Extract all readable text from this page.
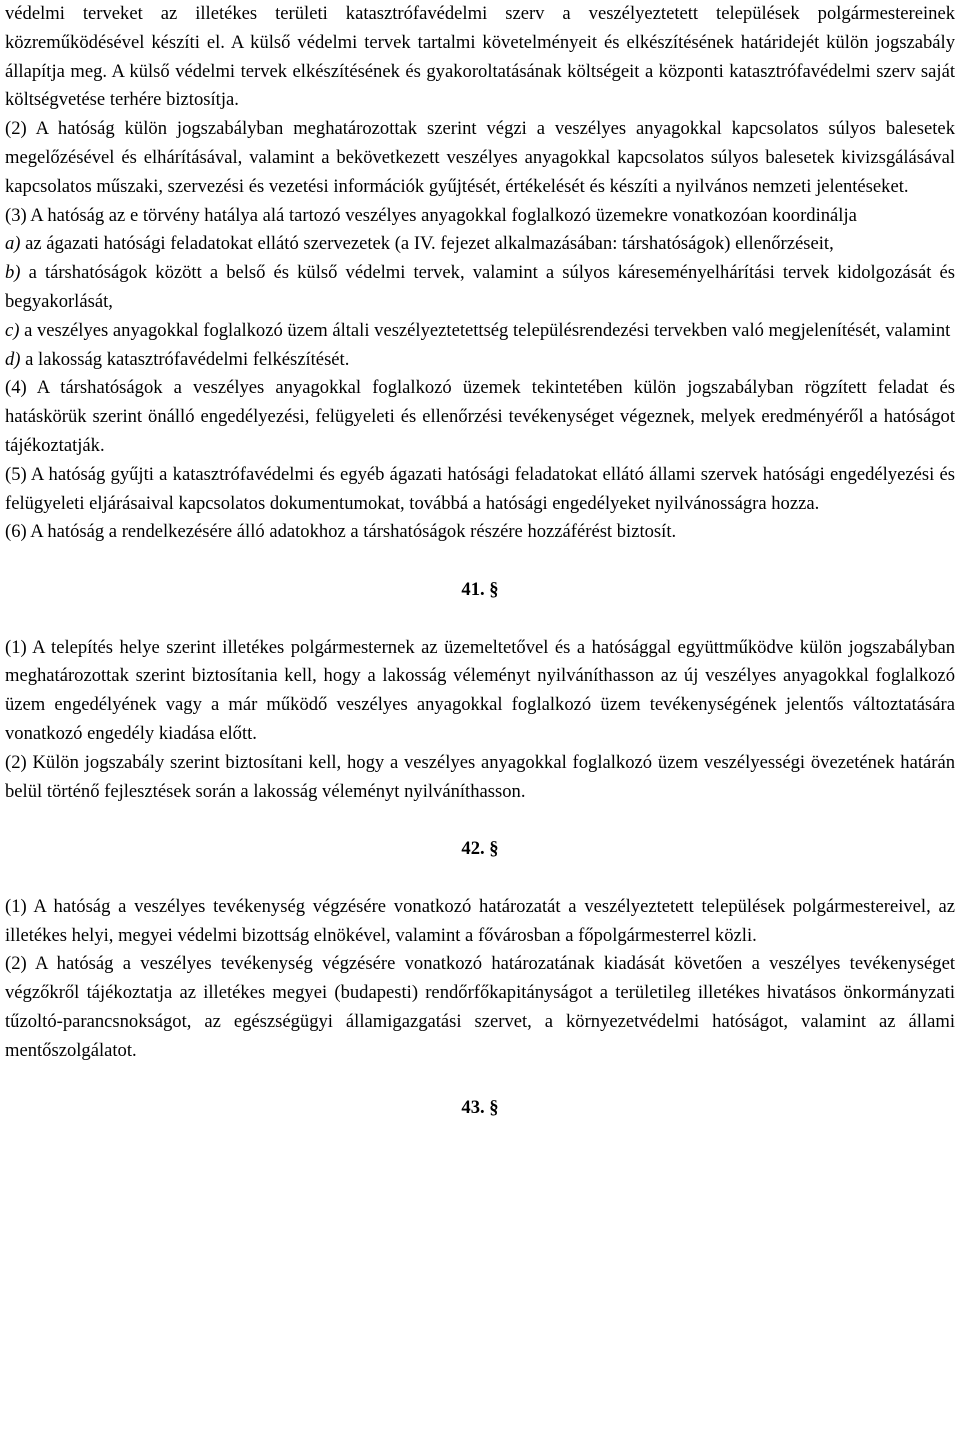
védelmi terveket az illetékes területi katasztrófavédelmi szerv a veszélyeztetett települések polgármestereinek közreműködésével készíti el. A külső védelmi tervek tartalmi követelményeit és elkészítésének határidejét külön jogszabály állapítja meg. A külső védelmi tervek elkészítésének és gyakoroltatásának költségeit a központi katasztrófavédelmi szerv saját költségvetése terhére biztosítja.

(2) A hatóság külön jogszabályban meghatározottak szerint végzi a veszélyes anyagokkal kapcsolatos súlyos balesetek megelőzésével és elhárításával, valamint a bekövetkezett veszélyes anyagokkal kapcsolatos súlyos balesetek kivizsgálásával kapcsolatos műszaki, szervezési és vezetési információk gyűjtését, értékelését és készíti a nyilvános nemzeti jelentéseket.

(3) A hatóság az e törvény hatálya alá tartozó veszélyes anyagokkal foglalkozó üzemekre vonatkozóan koordinálja

a) az ágazati hatósági feladatokat ellátó szervezetek (a IV. fejezet alkalmazásában: társhatóságok) ellenőrzéseit,

b) a társhatóságok között a belső és külső védelmi tervek, valamint a súlyos káreseményelhárítási tervek kidolgozását és begyakorlását,

c) a veszélyes anyagokkal foglalkozó üzem általi veszélyeztetettség településrendezési tervekben való megjelenítését, valamint

d) a lakosság katasztrófavédelmi felkészítését.

(4) A társhatóságok a veszélyes anyagokkal foglalkozó üzemek tekintetében külön jogszabályban rögzített feladat és hatáskörük szerint önálló engedélyezési, felügyeleti és ellenőrzési tevékenységet végeznek, melyek eredményéről a hatóságot tájékoztatják.

(5) A hatóság gyűjti a katasztrófavédelmi és egyéb ágazati hatósági feladatokat ellátó állami szervek hatósági engedélyezési és felügyeleti eljárásaival kapcsolatos dokumentumokat, továbbá a hatósági engedélyeket nyilvánosságra hozza.

(6) A hatóság a rendelkezésére álló adatokhoz a társhatóságok részére hozzáférést biztosít.

41. §

(1) A telepítés helye szerint illetékes polgármesternek az üzemeltetővel és a hatósággal együttműködve külön jogszabályban meghatározottak szerint biztosítania kell, hogy a lakosság véleményt nyilváníthasson az új veszélyes anyagokkal foglalkozó üzem engedélyének vagy a már működő veszélyes anyagokkal foglalkozó üzem tevékenységének jelentős változtatására vonatkozó engedély kiadása előtt.

(2) Külön jogszabály szerint biztosítani kell, hogy a veszélyes anyagokkal foglalkozó üzem veszélyességi övezetének határán belül történő fejlesztések során a lakosság véleményt nyilváníthasson.

42. §

(1) A hatóság a veszélyes tevékenység végzésére vonatkozó határozatát a veszélyeztetett települések polgármestereivel, az illetékes helyi, megyei védelmi bizottság elnökével, valamint a fővárosban a főpolgármesterrel közli.

(2) A hatóság a veszélyes tevékenység végzésére vonatkozó határozatának kiadását követően a veszélyes tevékenységet végzőkről tájékoztatja az illetékes megyei (budapesti) rendőrfőkapitányságot a területileg illetékes hivatásos önkormányzati tűzoltó-parancsnokságot, az egészségügyi államigazgatási szervet, a környezetvédelmi hatóságot, valamint az állami mentőszolgálatot.

43. §
